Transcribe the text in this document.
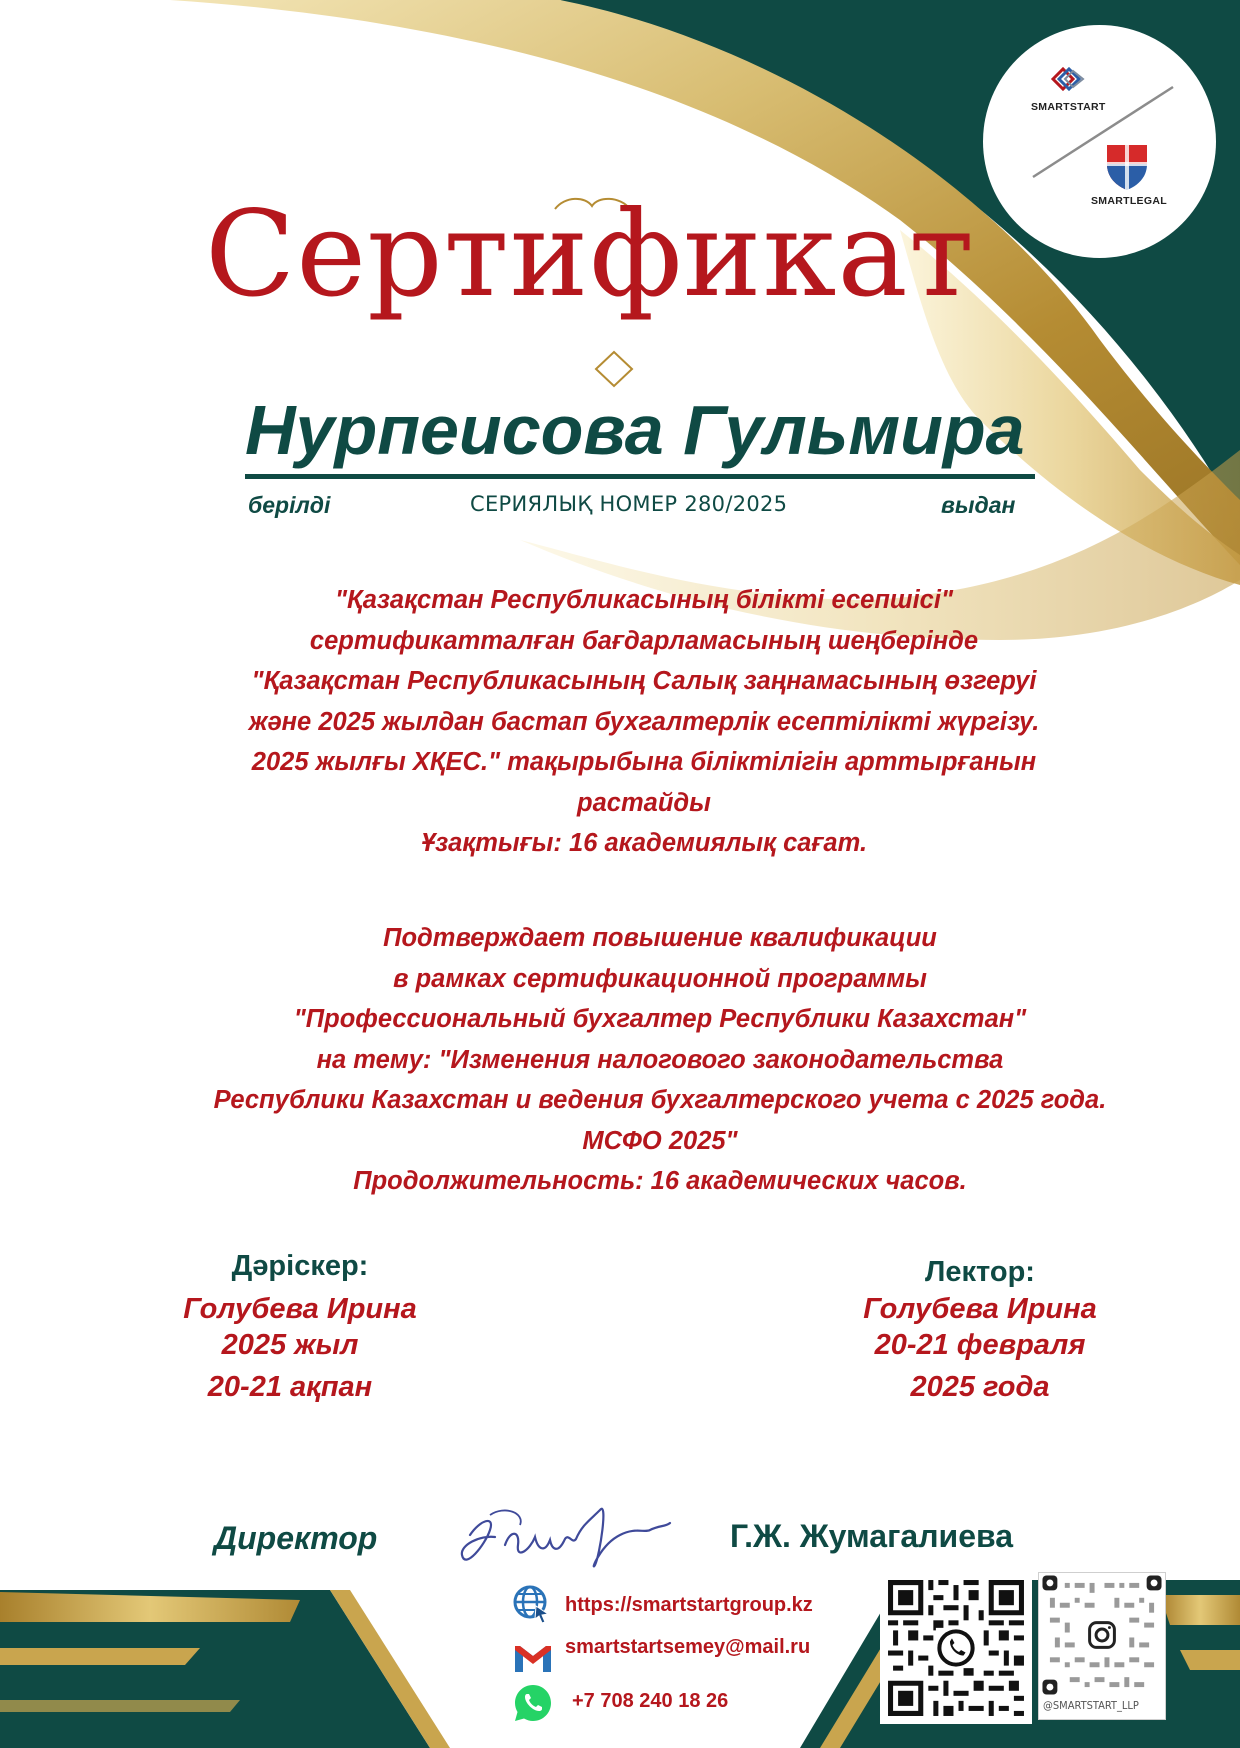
SMARTSTART
SMARTLEGAL
Сертификат
Нурпеисова Гульмира
берілді	СЕРИЯЛЫҚ НОМЕР 280/2025	выдан
"Қазақстан Республикасының білікті есепшісі"
сертификатталған бағдарламасының шеңберінде
"Қазақстан Республикасының Салық заңнамасының өзгеруі
және 2025 жылдан бастап бухгалтерлік есептілікті жүргізу.
2025 жылғы ХҚЕС." тақырыбына біліктілігін арттырғанын
растайды
Ұзақтығы: 16 академиялық сағат.
Подтверждает повышение квалификации
в рамках сертификационной программы
"Профессиональный бухгалтер Республики Казахстан"
на тему: "Изменения налогового законодательства
Республики Казахстан и ведения бухгалтерского учета с 2025 года.
МСФО 2025"
Продолжительность: 16 академических часов.
Дәріскер:
Голубева Ирина
2025 жыл
20-21 ақпан
Лектор:
Голубева Ирина
20-21 февраля
2025 года
Директор	Г.Ж. Жумагалиева
https://smartstartgroup.kz
smartstartsemey@mail.ru
+7 708 240 18 26	@SMARTSTART_LLP
